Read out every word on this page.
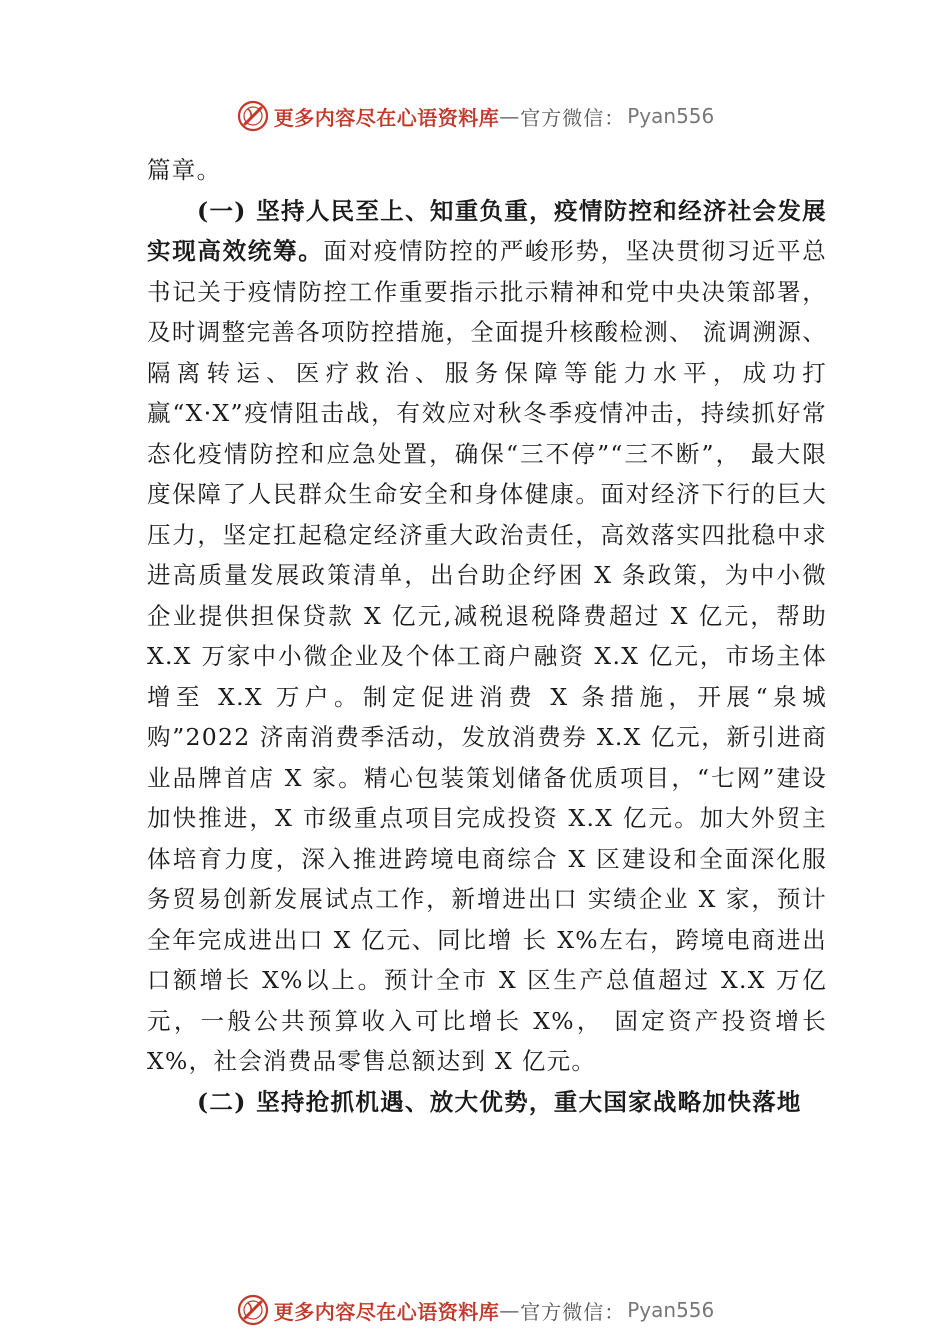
更多内容尽在心语资料库 — 官方微信： Pyan556

篇章。

(一) 坚持人民至上、知重负重，疫情防控和经济社会发展实现高效统筹。面对疫情防控的严峻形势，坚决贯彻习近平总书记关于疫情防控工作重要指示批示精神和党中央决策部署，及时调整完善各项防控措施，全面提升核酸检测、 流调溯源、隔离转运、医疗救治、服务保障等能力水平，成功打赢“X·X”疫情阻击战，有效应对秋冬季疫情冲击，持续抓好常态化疫情防控和应急处置，确保“三不停”“三不断”， 最大限度保障了人民群众生命安全和身体健康。面对经济下行的巨大压力，坚定扛起稳定经济重大政治责任，高效落实四批稳中求进高质量发展政策清单，出台助企纾困 X 条政策，为中小微企业提供担保贷款 X 亿元,减税退税降费超过 X 亿元，帮助 X.X 万家中小微企业及个体工商户融资 X.X 亿元，市场主体增至 X.X 万户。制定促进消费 X 条措施，开展“泉城购”2022 济南消费季活动，发放消费券 X.X 亿元，新引进商业品牌首店 X 家。精心包装策划储备优质项目，“七网”建设加快推进，X 市级重点项目完成投资 X.X 亿元。加大外贸主体培育力度，深入推进跨境电商综合 X 区建设和全面深化服务贸易创新发展试点工作，新增进出口 实绩企业 X 家，预计全年完成进出口 X 亿元、同比增 长 X%左右，跨境电商进出口额增长 X%以上。预计全市 X 区生产总值超过 X.X 万亿元，一般公共预算收入可比增长 X%， 固定资产投资增长 X%，社会消费品零售总额达到 X 亿元。

(二) 坚持抢抓机遇、放大优势，重大国家战略加快落地

更多内容尽在心语资料库 — 官方微信： Pyan556
